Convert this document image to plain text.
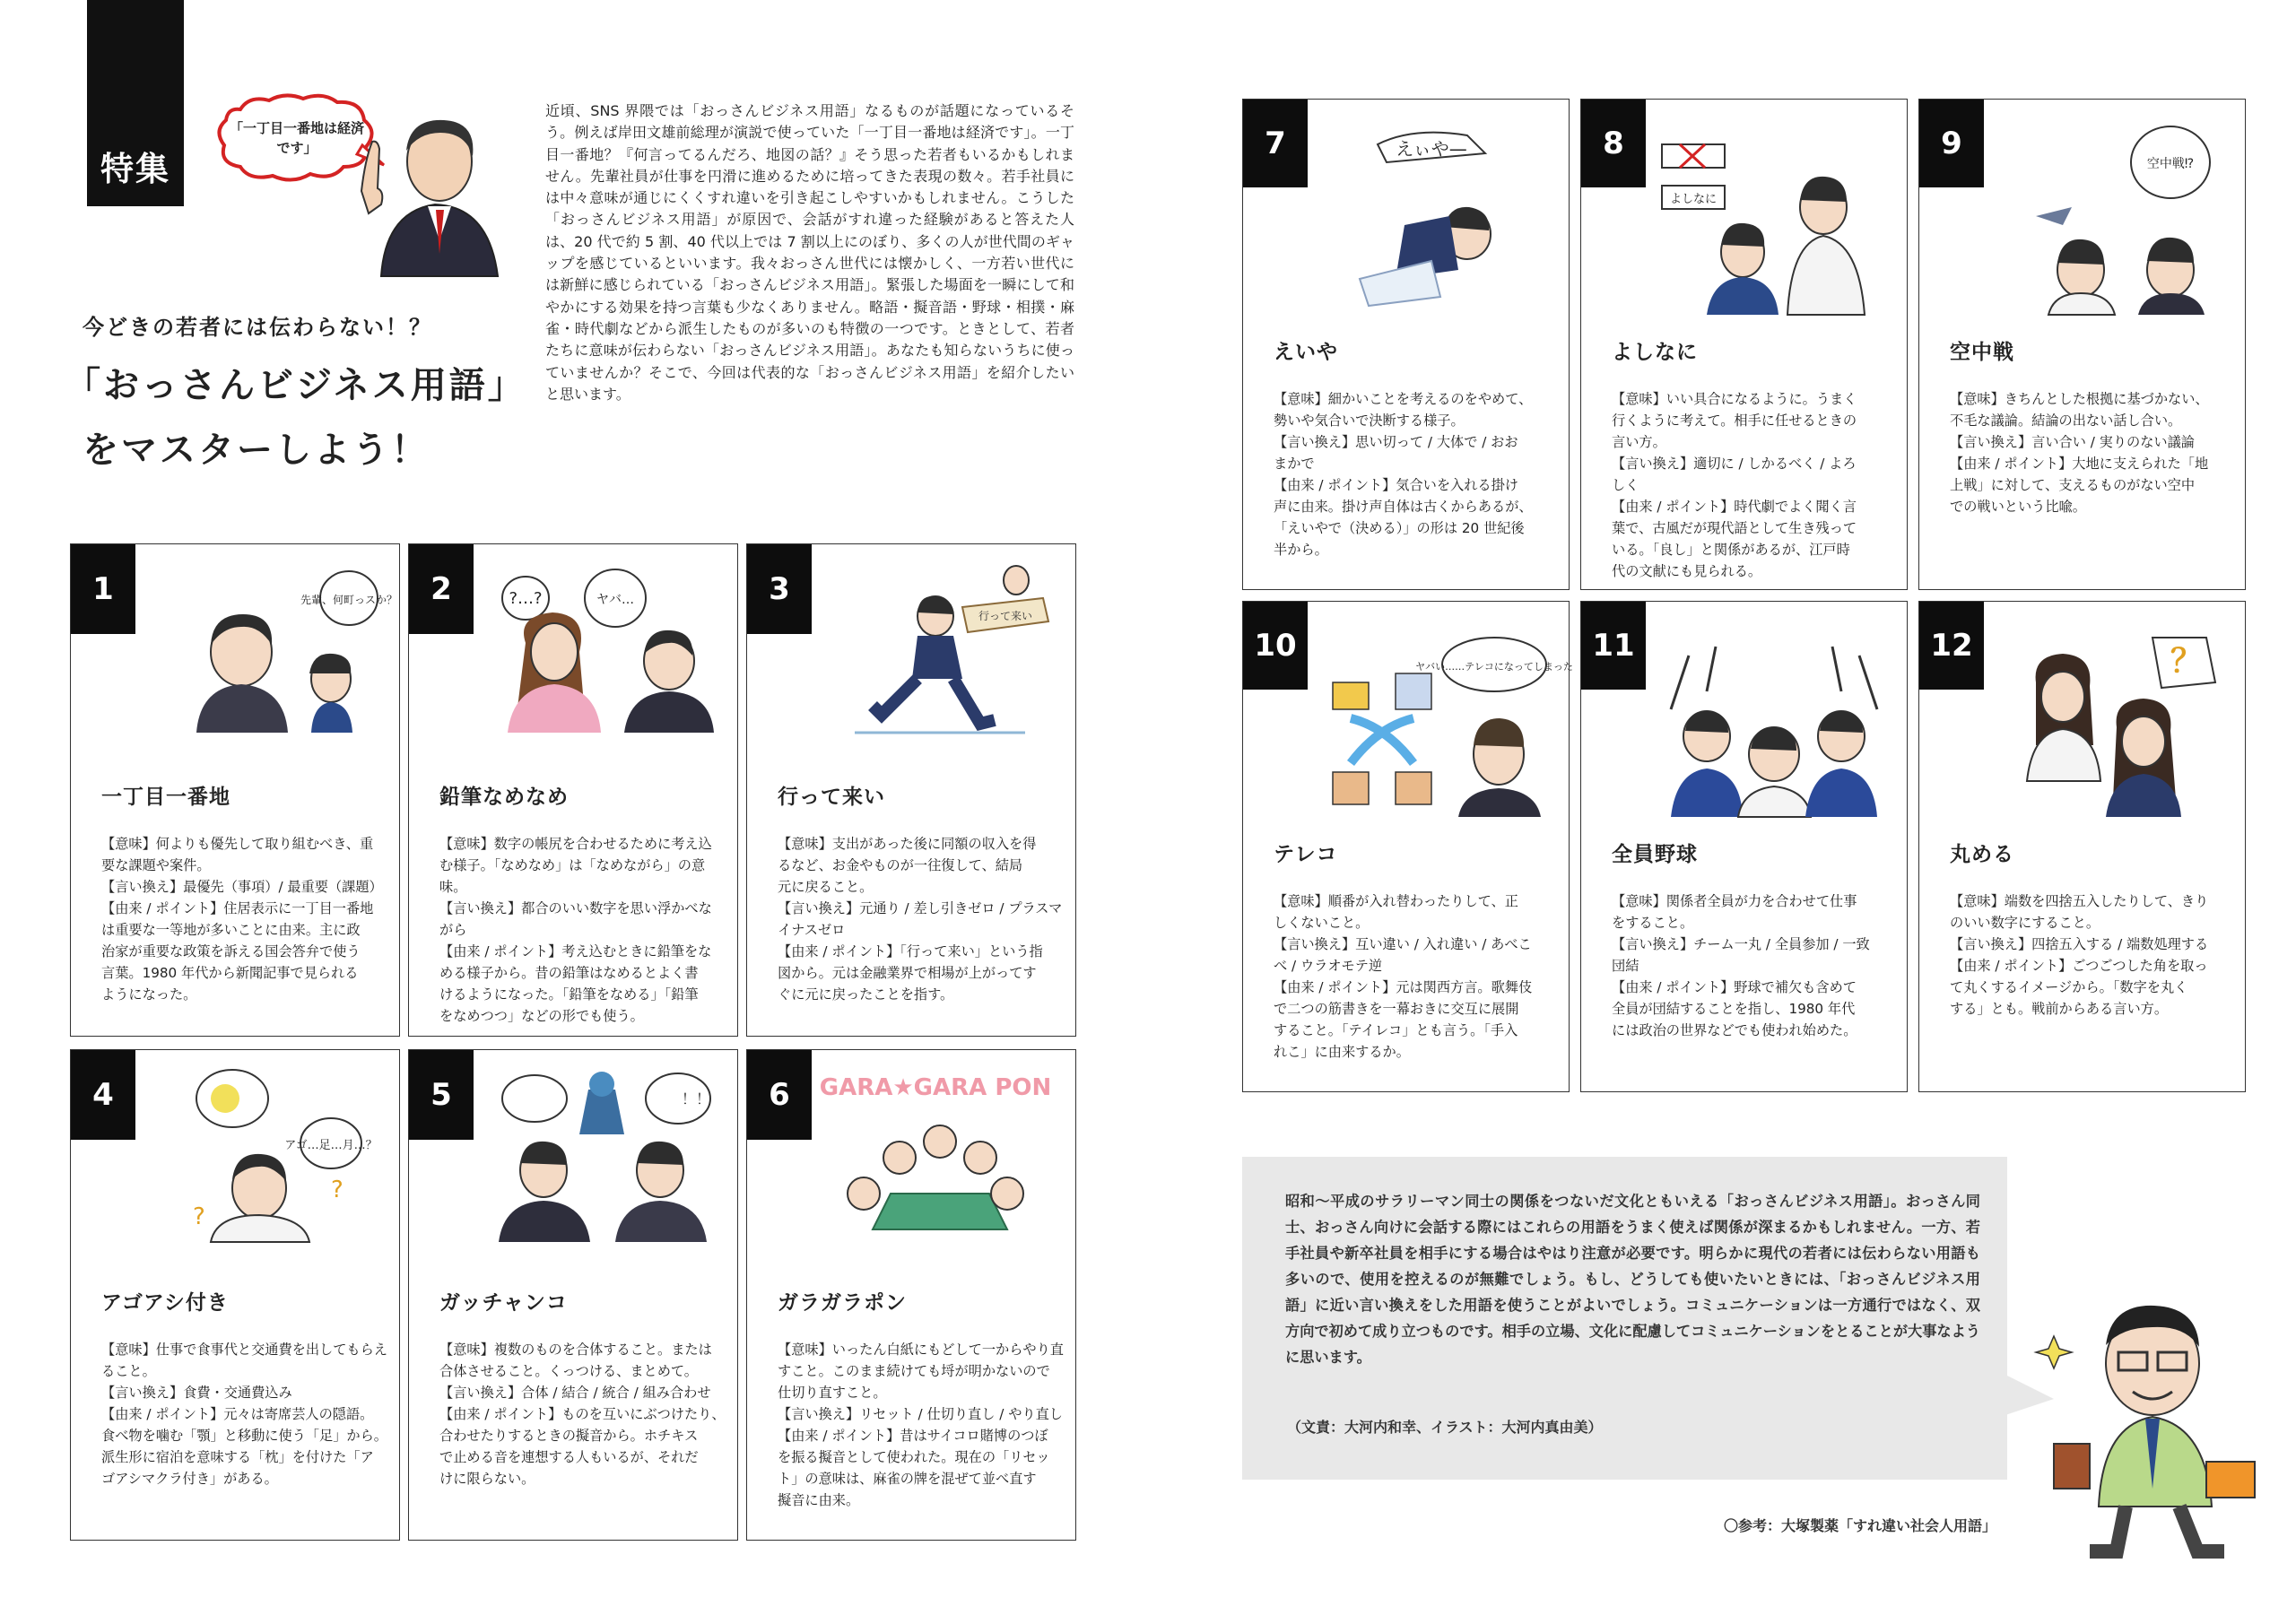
特集
「一丁目一番地は経済です」
今どきの若者には伝わらない！？
「おっさんビジネス用語」
をマスターしよう！
近頃、SNS 界隈では「おっさんビジネス用語」なるものが話題になっているそう。例えば岸田文雄前総理が演説で使っていた「一丁目一番地は経済です」。一丁目一番地？『何言ってるんだろ、地図の話？』そう思った若者もいるかもしれません。先輩社員が仕事を円滑に進めるために培ってきた表現の数々。若手社員には中々意味が通じにくくすれ違いを引き起こしやすいかもしれません。こうした「おっさんビジネス用語」が原因で、会話がすれ違った経験があると答えた人は、20 代で約 5 割、40 代以上では 7 割以上にのぼり、多くの人が世代間のギャップを感じているといいます。我々おっさん世代には懐かしく、一方若い世代には新鮮に感じられている「おっさんビジネス用語」。緊張した場面を一瞬にして和やかにする効果を持つ言葉も少なくありません。略語・擬音語・野球・相撲・麻雀・時代劇などから派生したものが多いのも特徴の一つです。ときとして、若者たちに意味が伝わらない「おっさんビジネス用語」。あなたも知らないうちに使っていませんか？そこで、今回は代表的な「おっさんビジネス用語」を紹介したいと思います。
1	先輩、何町っスか？
一丁目一番地
【意味】何よりも優先して取り組むべき、重
要な課題や案件。
【言い換え】最優先（事項）/ 最重要（課題）
【由来 / ポイント】住居表示に一丁目一番地
は重要な一等地が多いことに由来。主に政
治家が重要な政策を訴える国会答弁で使う
言葉。1980 年代から新聞記事で見られる
ようになった。
2	?…?	ヤバ…
鉛筆なめなめ
【意味】数字の帳尻を合わせるために考え込
む様子。「なめなめ」は「なめながら」の意味。
【言い換え】都合のいい数字を思い浮かべな
がら
【由来 / ポイント】考え込むときに鉛筆をな
める様子から。昔の鉛筆はなめるとよく書
けるようになった。「鉛筆をなめる」「鉛筆
をなめつつ」などの形でも使う。
3
行って来い
行って来い
【意味】支出があった後に同額の収入を得
るなど、お金やものが一往復して、結局
元に戻ること。
【言い換え】元通り / 差し引きゼロ / プラスマ
イナスゼロ
【由来 / ポイント】「行って来い」という指
図から。元は金融業界で相場が上がってす
ぐに元に戻ったことを指す。
4
アゴ…足…月…？
?
?
アゴアシ付き
【意味】仕事で食事代と交通費を出してもらえ
ること。
【言い換え】食費・交通費込み
【由来 / ポイント】元々は寄席芸人の隠語。
食べ物を噛む「顎」と移動に使う「足」から。
派生形に宿泊を意味する「枕」を付けた「ア
ゴアシマクラ付き」がある。
5	！！
ガッチャンコ
【意味】複数のものを合体すること。または
合体させること。くっつける、まとめて。
【言い換え】合体 / 結合 / 統合 / 組み合わせ
【由来 / ポイント】ものを互いにぶつけたり、
合わせたりするときの擬音から。ホチキス
で止める音を連想する人もいるが、それだ
けに限らない。
6	GARA★GARA PON
ガラガラポン
【意味】いったん白紙にもどして一からやり直
すこと。このまま続けても埒が明かないので
仕切り直すこと。
【言い換え】リセット / 仕切り直し / やり直し
【由来 / ポイント】昔はサイコロ賭博のつぼ
を振る擬音として使われた。現在の「リセッ
ト」の意味は、麻雀の牌を混ぜて並べ直す
擬音に由来。
7	えぃや—
えいや
【意味】細かいことを考えるのをやめて、
勢いや気合いで決断する様子。
【言い換え】思い切って / 大体で / おお
まかで
【由来 / ポイント】気合いを入れる掛け
声に由来。掛け声自体は古くからあるが、
「えいやで（決める）」の形は 20 世紀後
半から。
8
よしなに
よしなに
【意味】いい具合になるように。うまく
行くように考えて。相手に任せるときの
言い方。
【言い換え】適切に / しかるべく / よろ
しく
【由来 / ポイント】時代劇でよく聞く言
葉で、古風だが現代語として生き残って
いる。「良し」と関係があるが、江戸時
代の文献にも見られる。
9
空中戦⁉
空中戦
【意味】きちんとした根拠に基づかない、
不毛な議論。結論の出ない話し合い。
【言い換え】言い合い / 実りのない議論
【由来 / ポイント】大地に支えられた「地
上戦」に対して、支えるものがない空中
での戦いという比喩。
10
ヤバい……テレコになってしまった
テレコ
【意味】順番が入れ替わったりして、正
しくないこと。
【言い換え】互い違い / 入れ違い / あべこ
べ / ウラオモテ逆
【由来 / ポイント】元は関西方言。歌舞伎
で二つの筋書きを一幕おきに交互に展開
すること。「テイレコ」とも言う。「手入
れこ」に由来するか。
11
全員野球
【意味】関係者全員が力を合わせて仕事
をすること。
【言い換え】チーム一丸 / 全員参加 / 一致
団結
【由来 / ポイント】野球で補欠も含めて
全員が団結することを指し、1980 年代
には政治の世界などでも使われ始めた。
12	？
丸める
【意味】端数を四捨五入したりして、きり
のいい数字にすること。
【言い換え】四捨五入する / 端数処理する
【由来 / ポイント】ごつごつした角を取っ
て丸くするイメージから。「数字を丸く
する」とも。戦前からある言い方。
昭和〜平成のサラリーマン同士の関係をつないだ文化ともいえる「おっさんビジネス用語」。おっさん同士、おっさん向けに会話する際にはこれらの用語をうまく使えば関係が深まるかもしれません。一方、若手社員や新卒社員を相手にする場合はやはり注意が必要です。明らかに現代の若者には伝わらない用語も多いので、使用を控えるのが無難でしょう。もし、どうしても使いたいときには、「おっさんビジネス用語」に近い言い換えをした用語を使うことがよいでしょう。コミュニケーションは一方通行ではなく、双方向で初めて成り立つものです。相手の立場、文化に配慮してコミュニケーションをとることが大事なように思います。
（文責：大河内和幸、イラスト：大河内真由美）
〇参考：大塚製薬「すれ違い社会人用語」
